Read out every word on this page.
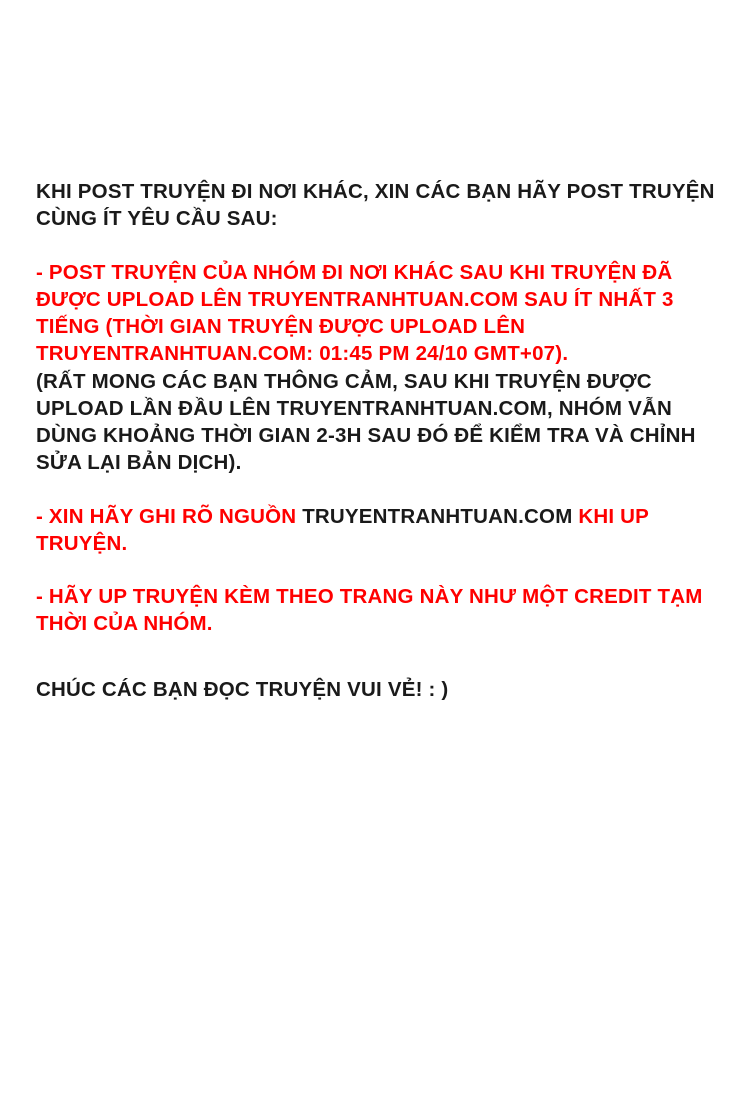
KHI POST TRUYỆN ĐI NƠI KHÁC, XIN CÁC BẠN HÃY POST TRUYỆN CÙNG ÍT YÊU CẦU SAU:

- POST TRUYỆN CỦA NHÓM ĐI NƠI KHÁC SAU KHI TRUYỆN ĐÃ ĐƯỢC UPLOAD LÊN TRUYENTRANHTUAN.COM SAU ÍT NHẤT 3 TIẾNG (THỜI GIAN TRUYỆN ĐƯỢC UPLOAD LÊN TRUYENTRANHTUAN.COM: 01:45 PM 24/10 GMT+07).

(RẤT MONG CÁC BẠN THÔNG CẢM, SAU KHI TRUYỆN ĐƯỢC UPLOAD LẦN ĐẦU LÊN TRUYENTRANHTUAN.COM, NHÓM VẪN DÙNG KHOẢNG THỜI GIAN 2-3H SAU ĐÓ ĐỂ KIỂM TRA VÀ CHỈNH SỬA LẠI BẢN DỊCH).

- XIN HÃY GHI RÕ NGUỒN TRUYENTRANHTUAN.COM KHI UP TRUYỆN.

- HÃY UP TRUYỆN KÈM THEO TRANG NÀY NHƯ MỘT CREDIT TẠM THỜI CỦA NHÓM.

CHÚC CÁC BẠN ĐỌC TRUYỆN VUI VẺ! : )
